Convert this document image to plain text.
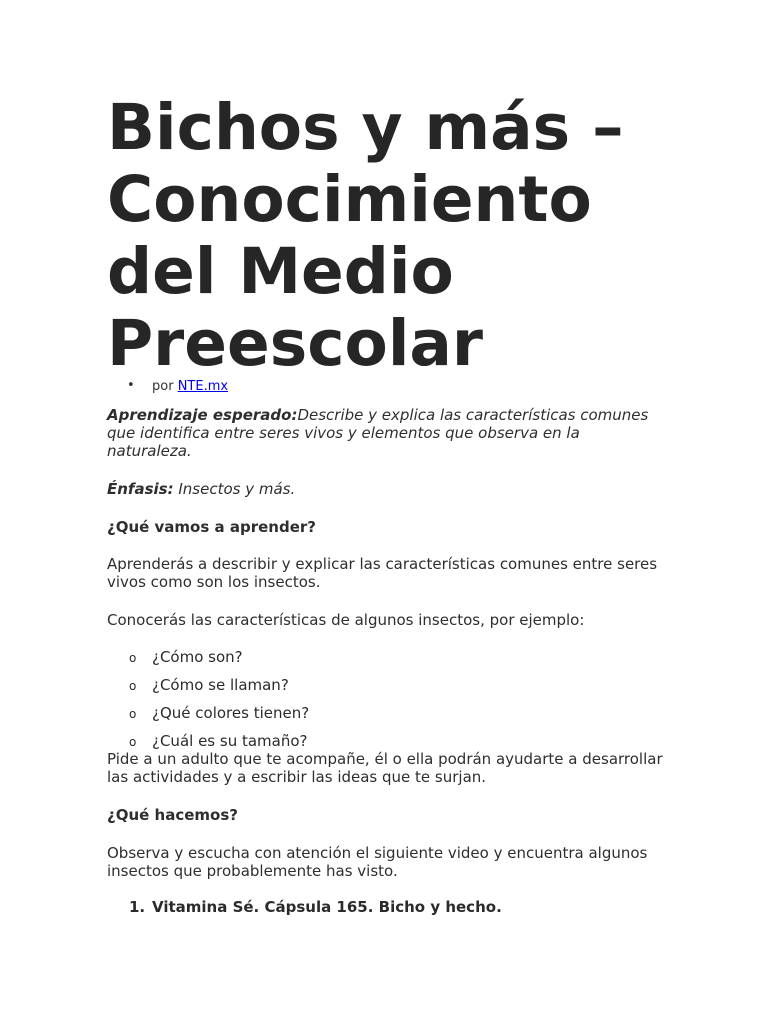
Bichos y más –
Conocimiento
del Medio
Preescolar
• por NTE.mx

Aprendizaje esperado:Describe y explica las características comunes que identifica entre seres vivos y elementos que observa en la naturaleza.

Énfasis: Insectos y más.

¿Qué vamos a aprender?

Aprenderás a describir y explicar las características comunes entre seres vivos como son los insectos.

Conocerás las características de algunos insectos, por ejemplo:

o ¿Cómo son?
o ¿Cómo se llaman?
o ¿Qué colores tienen?
o ¿Cuál es su tamaño?

Pide a un adulto que te acompañe, él o ella podrán ayudarte a desarrollar las actividades y a escribir las ideas que te surjan.

¿Qué hacemos?

Observa y escucha con atención el siguiente video y encuentra algunos insectos que probablemente has visto.

1. Vitamina Sé. Cápsula 165. Bicho y hecho.
